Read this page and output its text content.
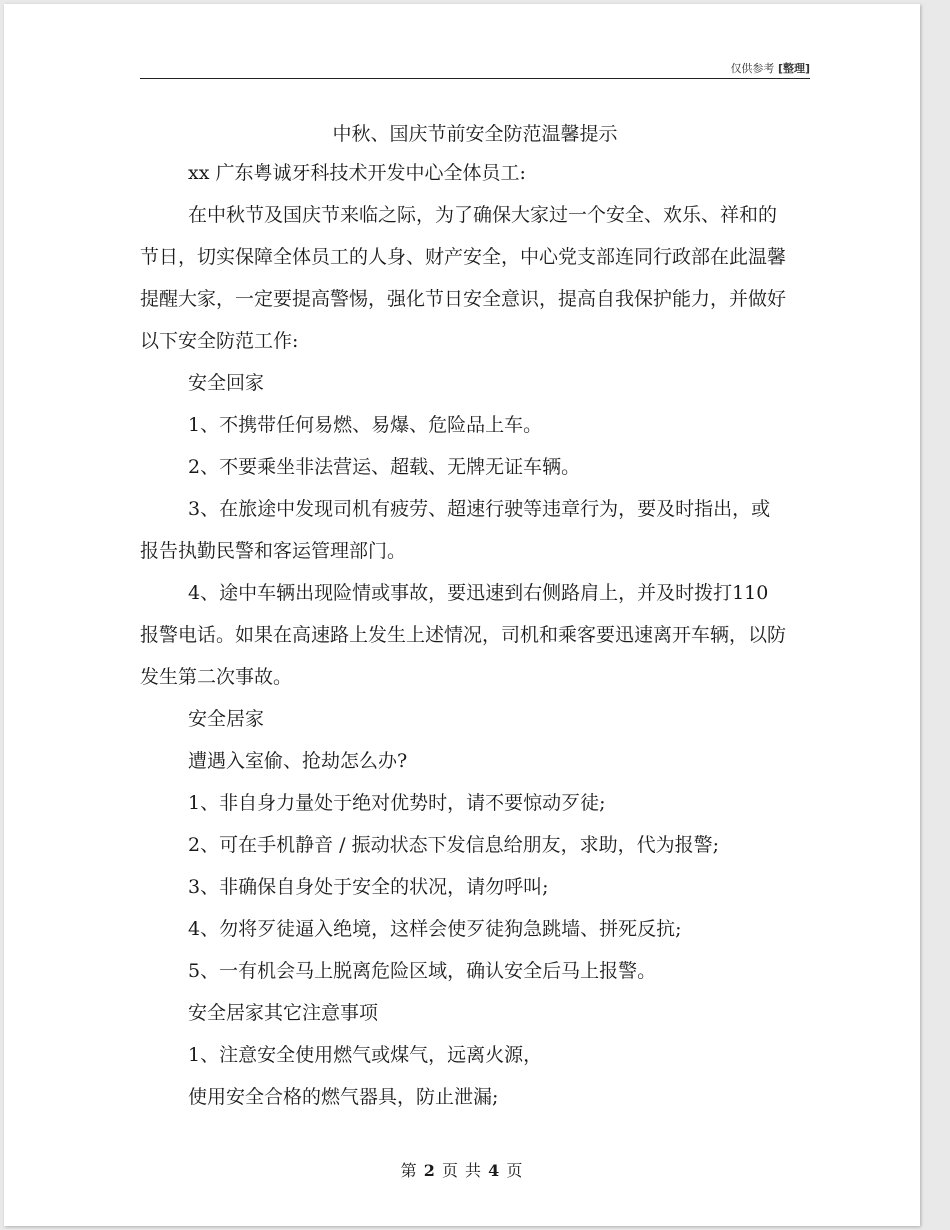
仅供参考 [整理]
中秋、国庆节前安全防范温馨提示

xx 广东粤诚牙科技术开发中心全体员工:

在中秋节及国庆节来临之际，为了确保大家过一个安全、欢乐、祥和的节日，切实保障全体员工的人身、财产安全，中心党支部连同行政部在此温馨提醒大家，一定要提高警惕，强化节日安全意识，提高自我保护能力，并做好以下安全防范工作:

安全回家

1、不携带任何易燃、易爆、危险品上车。

2、不要乘坐非法营运、超载、无牌无证车辆。

3、在旅途中发现司机有疲劳、超速行驶等违章行为，要及时指出，或报告执勤民警和客运管理部门。

4、途中车辆出现险情或事故，要迅速到右侧路肩上，并及时拨打110 报警电话。如果在高速路上发生上述情况，司机和乘客要迅速离开车辆，以防发生第二次事故。

安全居家

遭遇入室偷、抢劫怎么办?

1、非自身力量处于绝对优势时，请不要惊动歹徒;

2、可在手机静音 / 振动状态下发信息给朋友，求助，代为报警;

3、非确保自身处于安全的状况，请勿呼叫;

4、勿将歹徒逼入绝境，这样会使歹徒狗急跳墙、拼死反抗;

5、一有机会马上脱离危险区域，确认安全后马上报警。

安全居家其它注意事项

1、注意安全使用燃气或煤气，远离火源，

使用安全合格的燃气器具，防止泄漏;

第 2 页 共 4 页
